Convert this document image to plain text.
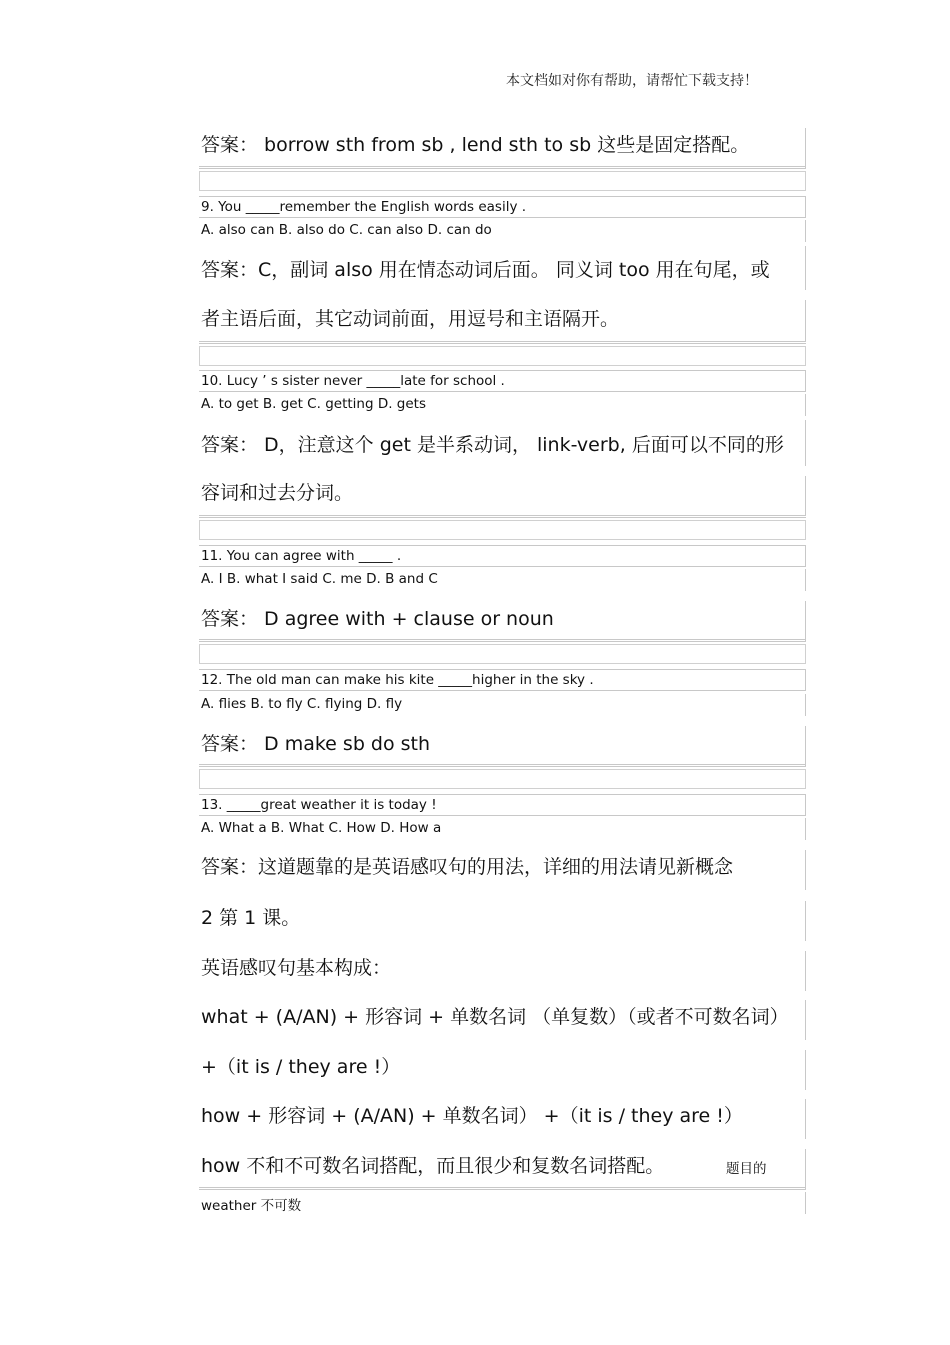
本文档如对你有帮助，请帮忙下载支持！
答案： borrow sth from sb , lend sth to sb 这些是固定搭配。
9. You _____remember the English words easily .
A. also can B. also do C. can also D. can do
答案：C，副词 also 用在情态动词后面。 同义词 too 用在句尾，或
者主语后面，其它动词前面，用逗号和主语隔开。
10. Lucy ’ s sister never _____late for school .
A. to get B. get C. getting D. gets
答案： D，注意这个 get 是半系动词， link-verb, 后面可以不同的形
容词和过去分词。
11. You can agree with _____ .
A. I B. what I said C. me D. B and C
答案： D agree with + clause or noun
12. The old man can make his kite _____higher in the sky .
A. flies B. to fly C. flying D. fly
答案： D make sb do sth
13. _____great weather it is today !
A. What a B. What C. How D. How a
答案：这道题靠的是英语感叹句的用法，详细的用法请见新概念
2 第 1 课。
英语感叹句基本构成：
what + (A/AN) + 形容词 + 单数名词 （单复数）（或者不可数名词）
+（it is / they are !）
how + 形容词 + (A/AN) + 单数名词） +（it is / they are !）
how 不和不可数名词搭配，而且很少和复数名词搭配。	题目的
weather 不可数
